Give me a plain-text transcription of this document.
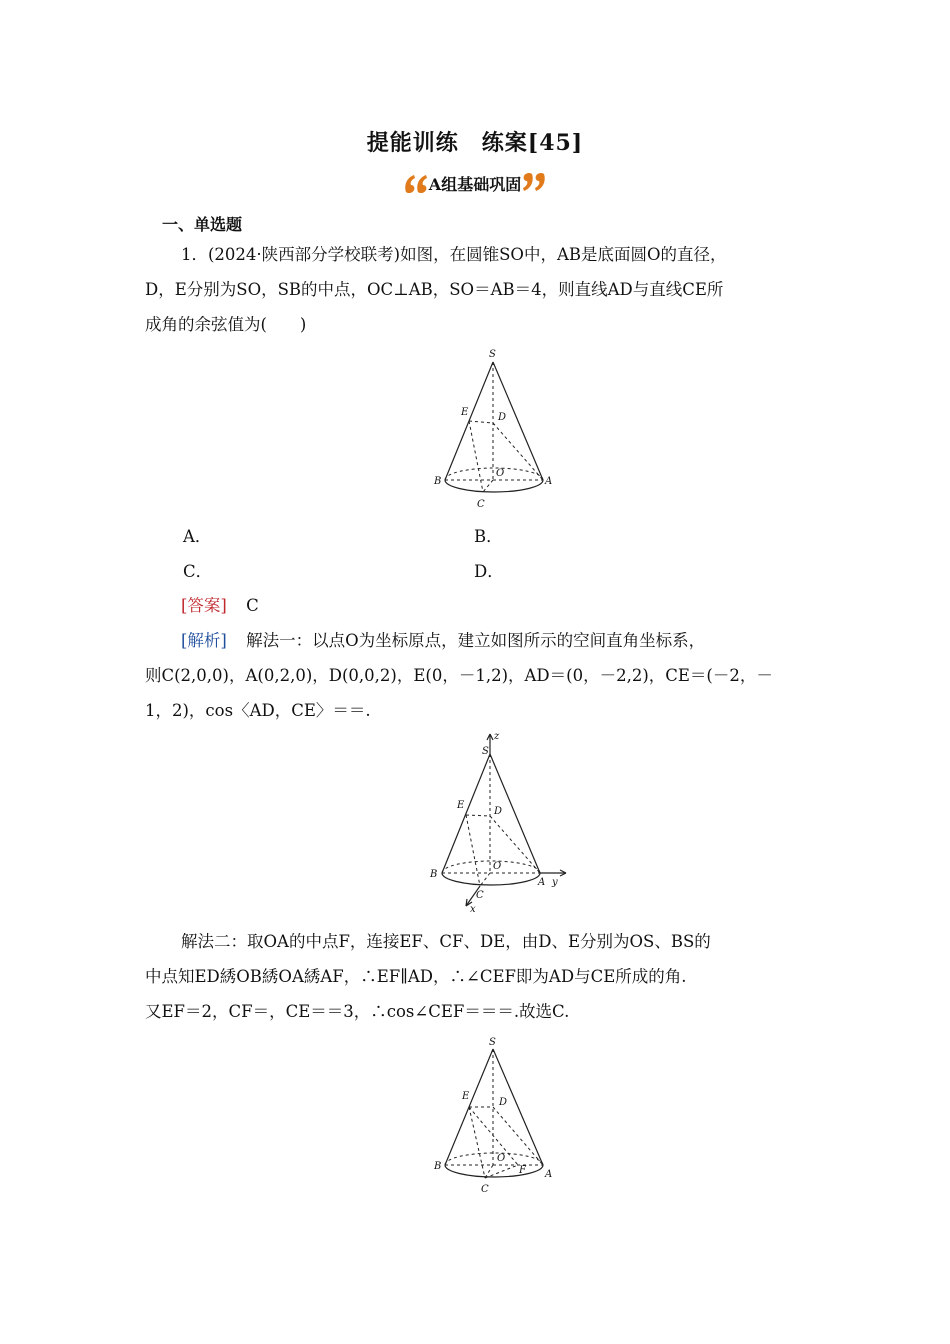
提能训练　练案[45]
A组基础巩固
一、单选题
1．(2024·陕西部分学校联考)如图，在圆锥SO中，AB是底面圆O的直径，
D，E分别为SO，SB的中点，OC⊥AB，SO＝AB＝4，则直线AD与直线CE所
成角的余弦值为(　　)
S
E	D
O
B	A
C
A．	B．
C．	D．
[答案] C
[解析] 解法一：以点O为坐标原点，建立如图所示的空间直角坐标系，
则C(2,0,0)，A(0,2,0)，D(0,0,2)，E(0，－1,2)，AD＝(0，－2,2)，CE＝(－2，－
1，2)，cos〈AD，CE〉＝＝.
z
S
E
D
O
B
A y
C
x
解法二：取OA的中点F，连接EF、CF、DE，由D、E分别为OS、BS的
中点知ED綉OB綉OA綉AF，∴EF∥AD，∴∠CEF即为AD与CE所成的角.
又EF＝2，CF＝，CE＝＝3，∴cos∠CEF＝＝＝.故选C.
S
E
D
O
F
B
A
C
